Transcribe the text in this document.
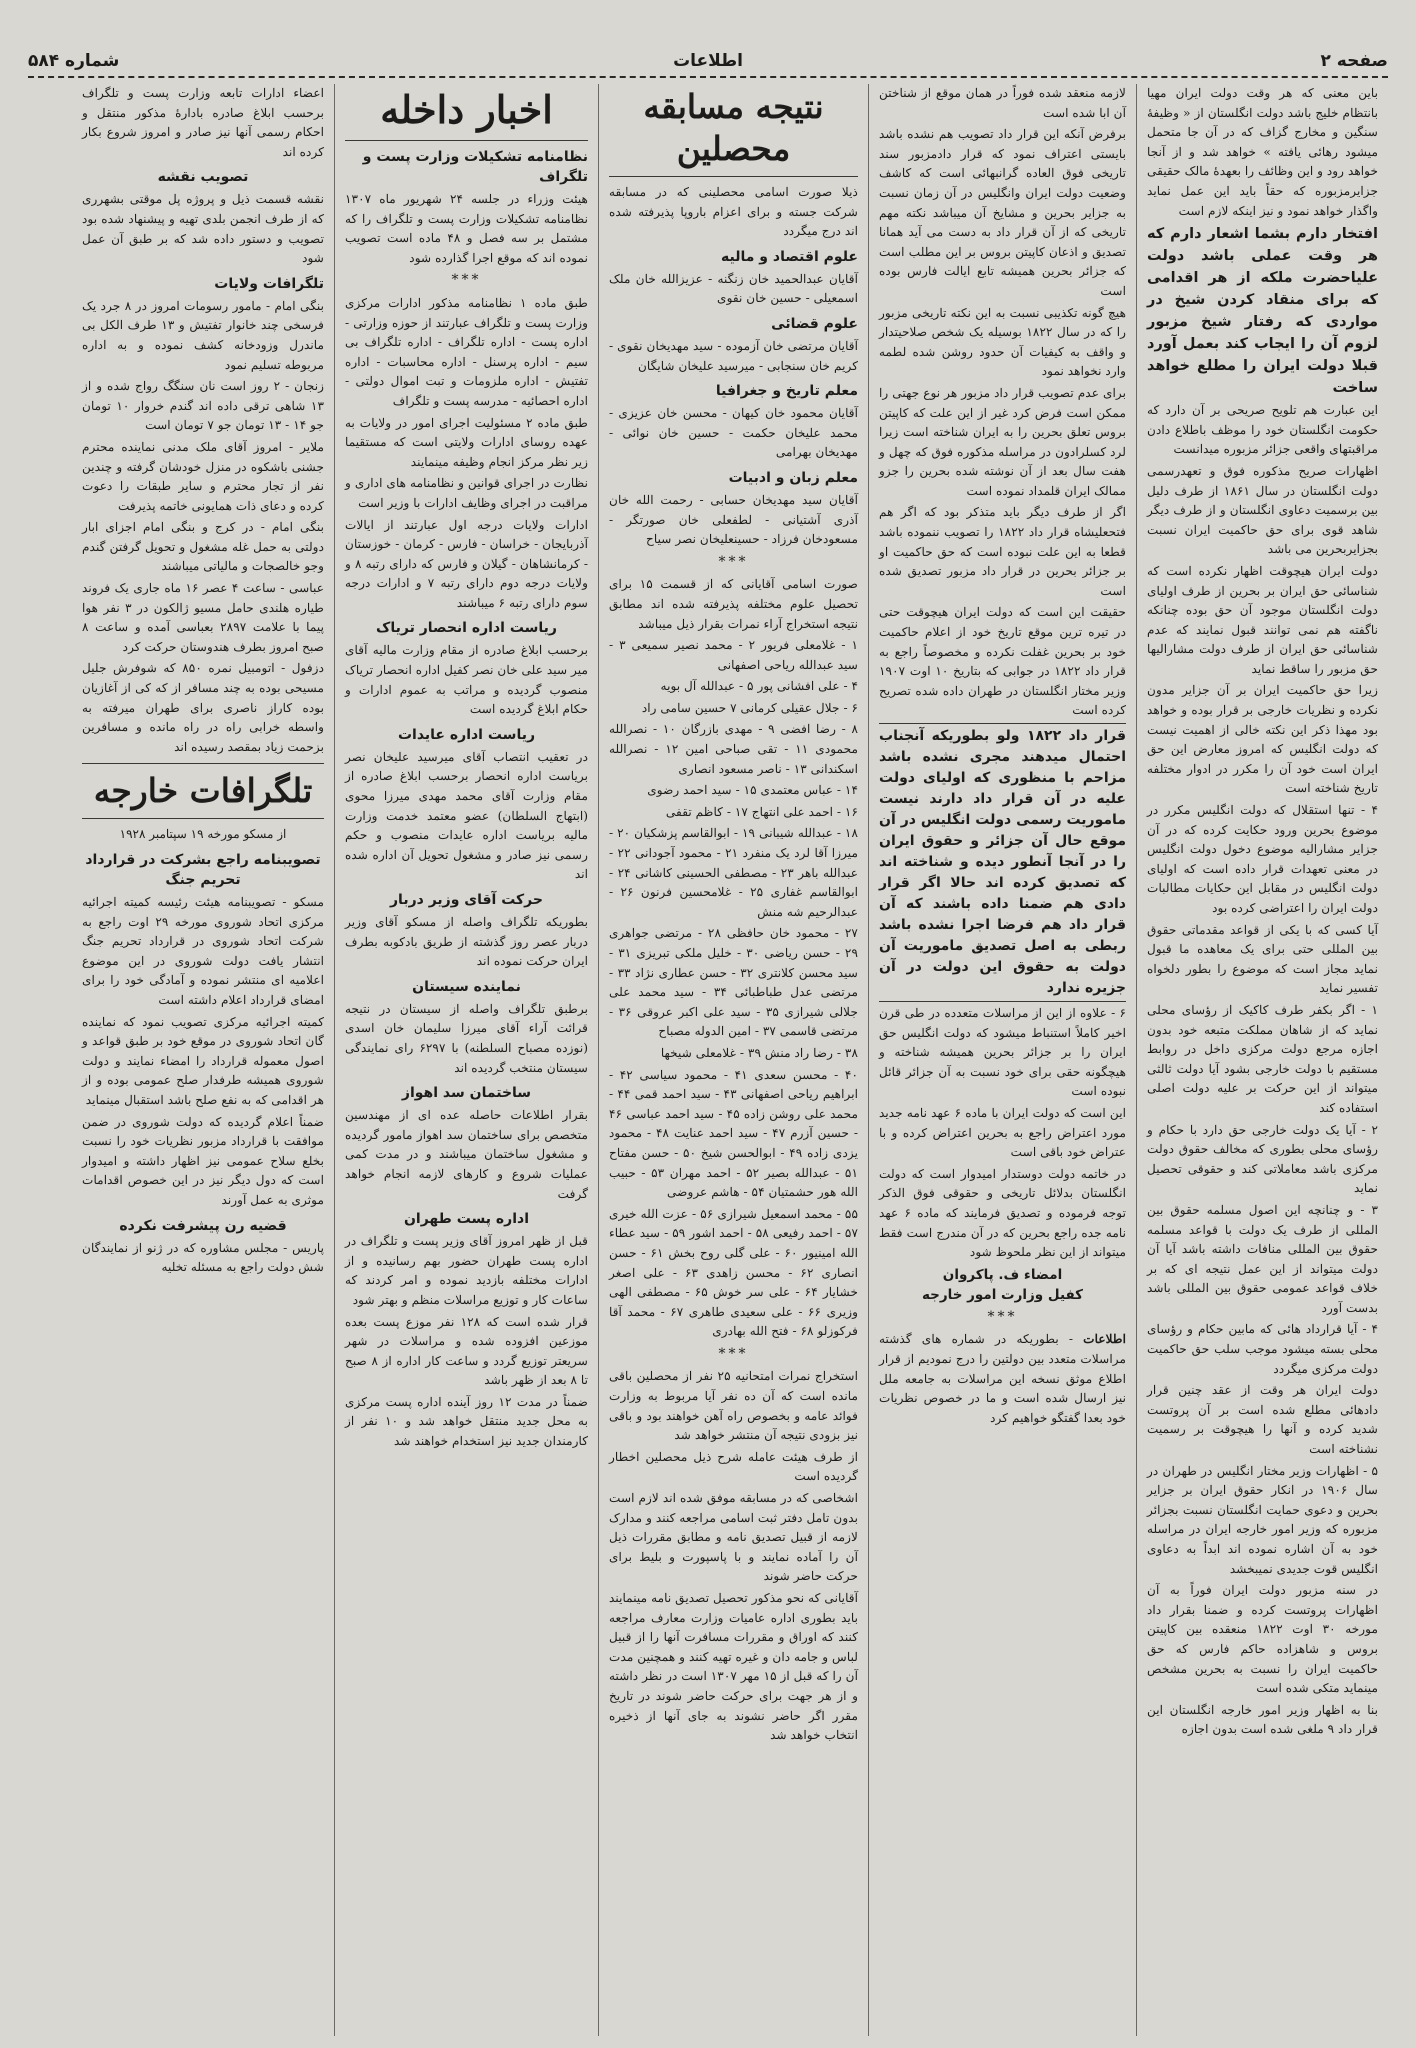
شماره ۵۸۴	اطلاعات	صفحه ۲

باین معنی که هر وقت دولت ایران مهیا بانتظام خلیج باشد دولت انگلستان از « وظیفهٔ سنگین و مخارج گزاف که در آن جا متحمل میشود رهائی یافته » خواهد شد و از آنجا خواهد رود و این وظائف را بعهدهٔ مالک حقیقی جزایرمزبوره که حقاً باید این عمل نماید واگذار خواهد نمود و نیز اینکه لازم است

افتخار دارم بشما اشعار دارم که هر وقت عملی باشد دولت علیاحضرت ملکه از هر اقدامی که برای منقاد کردن شیخ در مواردی که رفتار شیخ مزبور لزوم آن را ایجاب کند بعمل آورد قبلا دولت ایران را مطلع خواهد ساخت

این عبارت هم تلویح صریحی بر آن دارد که حکومت انگلستان خود را موظف باطلاع دادن مراقبتهای واقعی جزائر مزبوره میدانست

اظهارات صریح مذکوره فوق و تعهدرسمی دولت انگلستان در سال ۱۸۶۱ از طرف دلیل بین برسمیت دعاوی انگلستان و از طرف دیگر شاهد قوی برای حق حاکمیت ایران نسبت بجزایربحرین می باشد

دولت ایران هیچوقت اظهار نکرده است که شناسائی حق ایران بر بحرین از طرف اولیای دولت انگلستان موجود آن حق بوده چنانکه ناگفته هم نمی توانند قبول نمایند که عدم شناسائی حق ایران از طرف دولت مشارالیها حق مزبور را ساقط نماید

زیرا حق حاکمیت ایران بر آن جزایر مدون نکرده و نظریات خارجی بر قرار بوده و خواهد بود مهذا ذکر این نکته خالی از اهمیت نیست که دولت انگلیس که امروز معارض این حق ایران است خود آن را مکرر در ادوار مختلفه تاریخ شناخته است

۴ - تنها استقلال که دولت انگلیس مکرر در موضوع بحرین ورود حکایت کرده که در آن جزایر مشارالیه موضوع دخول دولت انگلیس در معنی تعهدات قرار داده است که اولیای دولت انگلیس در مقابل این حکایات مطالبات دولت ایران را اعتراضی کرده بود

آیا کسی که با یکی از قواعد مقدماتی حقوق بین المللی حتی برای یک معاهده ما قبول نماید مجاز است که موضوع را بطور دلخواه تفسیر نماید

۱ - اگر بکفر طرف کاکیک از رؤسای محلی نماید که از شاهان مملکت متبعه خود بدون اجازه مرجع دولت مرکزی داخل در روابط مستقیم با دولت خارجی بشود آیا دولت ثالثی میتواند از این حرکت بر علیه دولت اصلی استفاده کند

۲ - آیا یک دولت خارجی حق دارد با حکام و رؤسای محلی بطوری که مخالف حقوق دولت مرکزی باشد معاملاتی کند و حقوقی تحصیل نماید

۳ - و چنانچه این اصول مسلمه حقوق بین المللی از طرف یک دولت با قواعد مسلمه حقوق بین المللی منافات داشته باشد آیا آن دولت میتواند از این عمل نتیجه ای که بر خلاف قواعد عمومی حقوق بین المللی باشد بدست آورد

۴ - آیا قرارداد هائی که مابین حکام و رؤسای محلی بسته میشود موجب سلب حق حاکمیت دولت مرکزی میگردد

دولت ایران هر وقت از عقد چنین قرار دادهائی مطلع شده است بر آن پروتست شدید کرده و آنها را هیچوقت بر رسمیت نشناخته است

۵ - اظهارات وزیر مختار انگلیس در طهران در سال ۱۹۰۶ در انکار حقوق ایران بر جزایر بحرین و دعوی حمایت انگلستان نسبت بجزائر مزبوره که وزیر امور خارجه ایران در مراسله خود به آن اشاره نموده اند ابداً به دعاوی انگلیس قوت جدیدی نمیبخشد

در سنه مزبور دولت ایران فوراً به آن اظهارات پروتست کرده و ضمنا بقرار داد مورخه ۳۰ اوت ۱۸۲۲ منعقده بین کاپیتن بروس و شاهزاده حاکم فارس که حق حاکمیت ایران را نسبت به بحرین مشخص مینماید متکی شده است

بنا به اظهار وزیر امور خارجه انگلستان این قرار داد ۹ ملغی شده است بدون اجازه

لازمه منعقد شده فوراً در همان موقع از شناختن آن ابا شده است

برفرض آنکه این قرار داد تصویب هم نشده باشد بایستی اعتراف نمود که قرار دادمزبور سند تاریخی فوق العاده گرانبهائی است که کاشف وضعیت دولت ایران وانگلیس در آن زمان نسبت به جزایر بحرین و مشایخ آن میباشد نکته مهم تاریخی که از آن قرار داد به دست می آید همانا تصدیق و اذعان کاپیتن بروس بر این مطلب است که جزائر بحرین همیشه تابع ایالت فارس بوده است

هیچ گونه تکذیبی نسبت به این نکته تاریخی مزبور را که در سال ۱۸۲۲ بوسیله یک شخص صلاحیتدار و واقف به کیفیات آن حدود روشن شده لطمه وارد نخواهد نمود

برای عدم تصویب قرار داد مزبور هر نوع جهتی را ممکن است فرض کرد غیر از این علت که کاپیتن بروس تعلق بحرین را به ایران شناخته است زیرا لرد کسلرادون در مراسله مذکوره فوق که چهل و هفت سال بعد از آن نوشته شده بحرین را جزو ممالک ایران قلمداد نموده است

اگر از طرف دیگر باید متذکر بود که اگر هم فتحعلیشاه قرار داد ۱۸۲۲ را تصویب ننموده باشد قطعا به این علت نبوده است که حق حاکمیت او بر جزائر بحرین در قرار داد مزبور تصدیق شده است

حقیقت این است که دولت ایران هیچوقت حتی در تیره ترین موقع تاریخ خود از اعلام حاکمیت خود بر بحرین غفلت نکرده و مخصوصاً راجع به قرار داد ۱۸۲۲ در جوابی که بتاریخ ۱۰ اوت ۱۹۰۷ وزیر مختار انگلستان در طهران داده شده تصریح کرده است

قرار داد ۱۸۲۲ ولو بطوریکه آنجناب احتمال میدهند مجری نشده باشد مزاحم با منظوری که اولیای دولت علیه در آن قرار داد دارند نیست ماموریت رسمی دولت انگلیس در آن موقع حال آن جزائر و حقوق ایران را در آنجا آنطور دیده و شناخته اند که تصدیق کرده اند حالا اگر قرار دادی هم ضمنا داده باشند که آن قرار داد هم فرضا اجرا نشده باشد ربطی به اصل تصدیق ماموریت آن دولت به حقوق این دولت در آن جزیره ندارد

۶ - علاوه از این از مراسلات متعدده در طی قرن اخیر کاملاً استنباط میشود که دولت انگلیس حق ایران را بر جزائر بحرین همیشه شناخته و هیچگونه حقی برای خود نسبت به آن جزائر قائل نبوده است

این است که دولت ایران با ماده ۶ عهد نامه جدید مورد اعتراض راجع به بحرین اعتراض کرده و با عتراض خود باقی است

در خاتمه دولت دوستدار امیدوار است که دولت انگلستان بدلائل تاریخی و حقوقی فوق الذکر توجه فرموده و تصدیق فرمایند که ماده ۶ عهد نامه جده راجع بحرین که در آن مندرج است فقط میتواند از این نظر ملحوظ شود

امضاء ف. پاکروان
کفیل وزارت امور خارجه
***

اطلاعات - بطوریکه در شماره های گذشته مراسلات متعدد بین دولتین را درج نمودیم از قرار اطلاع موثق نسخه این مراسلات به جامعه ملل نیز ارسال شده است و ما در خصوص نظریات خود بعدا گفتگو خواهیم کرد

نتیجه مسابقه محصلین

ذیلا صورت اسامی محصلینی که در مسابقه شرکت جسته و برای اعزام باروپا پذیرفته شده اند درج میگردد

علوم اقتصاد و مالیه

آقایان عبدالحمید خان زنگنه - عزیزالله خان ملک اسمعیلی - حسین خان نقوی

علوم قضائی

آقایان مرتضی خان آزموده - سید مهدیخان نقوی - کریم خان سنجابی - میرسید علیخان شایگان

معلم تاریخ و جغرافیا

آقایان محمود خان کیهان - محسن خان عزیزی - محمد علیخان حکمت - حسین خان نوائی - مهدیخان بهرامی

معلم زبان و ادبیات

آقایان سید مهدیخان حسابی - رحمت الله خان آذری آشتیانی - لطفعلی خان صورتگر - مسعودخان فرزاد - حسینعلیخان نصر سیاح

***

صورت اسامی آقایانی که از قسمت ۱۵ برای تحصیل علوم مختلفه پذیرفته شده اند مطابق نتیجه استخراج آراء نمرات بقرار ذیل میباشد

۱ - غلامعلی فریور ۲ - محمد نصیر سمیعی ۳ - سید عبدالله ریاحی اصفهانی

۴ - علی افشانی پور ۵ - عبدالله آل بویه

۶ - جلال عقیلی کرمانی ۷ حسین سامی راد

۸ - رضا افضی ۹ - مهدی بازرگان ۱۰ - نصرالله محمودی ۱۱ - تقی صباحی امین ۱۲ - نصرالله اسکندانی ۱۳ - ناصر مسعود انصاری

۱۴ - عباس معتمدی ۱۵ - سید احمد رضوی

۱۶ - احمد علی انتهاج ۱۷ - کاظم تقفی

۱۸ - عبدالله شیبانی ۱۹ - ابوالقاسم پزشکیان ۲۰ - میرزا آقا لرد یک منفرد ۲۱ - محمود آجودانی ۲۲ - عبدالله باهر ۲۳ - مصطفی الحسینی کاشانی ۲۴ - ابوالقاسم غفاری ۲۵ - غلامحسین فرنون ۲۶ - عبدالرحیم شه منش

۲۷ - محمود خان حافظی ۲۸ - مرتضی جواهری ۲۹ - حسن ریاضی ۳۰ - خلیل ملکی تبریزی ۳۱ - سید محسن کلانتری ۳۲ - حسن عطاری نژاد ۳۳ - مرتضی عدل طباطبائی ۳۴ - سید محمد علی جلالی شیرازی ۳۵ - سید علی اکبر عروقی ۳۶ - مرتضی قاسمی ۳۷ - امین الدوله مصباح

۳۸ - رضا راد منش ۳۹ - غلامعلی شیخها

۴۰ - محسن سعدی ۴۱ - محمود سیاسی ۴۲ - ابراهیم ریاحی اصفهانی ۴۳ - سید احمد قمی ۴۴ - محمد علی روشن زاده ۴۵ - سید احمد عباسی ۴۶ - حسین آزرم ۴۷ - سید احمد عنایت ۴۸ - محمود یزدی زاده ۴۹ - ابوالحسن شیخ ۵۰ - حسن مفتاح ۵۱ - عبدالله بصیر ۵۲ - احمد مهران ۵۳ - حبیب الله هور حشمتیان ۵۴ - هاشم عروضی

۵۵ - محمد اسمعیل شیرازی ۵۶ - عزت الله خیری ۵۷ - احمد رفیعی ۵۸ - احمد اشور ۵۹ - سید عطاء الله امینیور ۶۰ - علی گلی روح بخش ۶۱ - حسن انصاری ۶۲ - محسن زاهدی ۶۳ - علی اصغر خشایار ۶۴ - علی سر خوش ۶۵ - مصطفی الهی وزیری ۶۶ - علی سعیدی طاهری ۶۷ - محمد آقا فرکوزلو ۶۸ - فتح الله بهادری

***

استخراج نمرات امتحانیه ۲۵ نفر از محصلین باقی مانده است که آن ده نفر آیا مربوط به وزارت فوائد عامه و بخصوص راه آهن خواهند بود و باقی نیز بزودی نتیجه آن منتشر خواهد شد

از طرف هیئت عامله شرح ذیل محصلین اخطار گردیده است

اشخاصی که در مسابقه موفق شده اند لازم است بدون تامل دفتر ثبت اسامی مراجعه کنند و مدارک لازمه از قبیل تصدیق نامه و مطابق مقررات ذیل آن را آماده نمایند و با پاسپورت و بلیط برای حرکت حاضر شوند

آقایانی که نحو مذکور تحصیل تصدیق نامه مینمایند باید بطوری اداره عامیات وزارت معارف مراجعه کنند که اوراق و مقررات مسافرت آنها را از قبیل لباس و جامه دان و غیره تهیه کنند و همچنین مدت آن را که قبل از ۱۵ مهر ۱۳۰۷ است در نظر داشته و از هر جهت برای حرکت حاضر شوند در تاریخ مقرر اگر حاضر نشوند به جای آنها از ذخیره انتخاب خواهد شد

اخبار داخله
نظامنامه تشکیلات وزارت پست و تلگراف

هیئت وزراء در جلسه ۲۴ شهریور ماه ۱۳۰۷ نظامنامه تشکیلات وزارت پست و تلگراف را که مشتمل بر سه فصل و ۴۸ ماده است تصویب نموده اند که موقع اجرا گذارده شود

***

طبق ماده ۱ نظامنامه مذکور ادارات مرکزی وزارت پست و تلگراف عبارتند از حوزه وزارتی - اداره پست - اداره تلگراف - اداره تلگراف بی سیم - اداره پرسنل - اداره محاسبات - اداره تفتیش - اداره ملزومات و تبت اموال دولتی - اداره احصائیه - مدرسه پست و تلگراف

طبق ماده ۲ مسئولیت اجرای امور در ولایات به عهده روسای ادارات ولایتی است که مستقیما زیر نظر مرکز انجام وظیفه مینمایند

نظارت در اجرای قوانین و نظامنامه های اداری و مراقبت در اجرای وظایف ادارات با وزیر است

ادارات ولایات درجه اول عبارتند از ایالات آذربایجان - خراسان - فارس - کرمان - خوزستان - کرمانشاهان - گیلان و فارس که دارای رتبه ۸ و ولایات درجه دوم دارای رتبه ۷ و ادارات درجه سوم دارای رتبه ۶ میباشند

ریاست اداره انحصار تریاک

برحسب ابلاغ صادره از مقام وزارت مالیه آقای میر سید علی خان نصر کفیل اداره انحصار تریاک منصوب گردیده و مراتب به عموم ادارات و حکام ابلاغ گردیده است

ریاست اداره عایدات

در تعقیب انتصاب آقای میرسید علیخان نصر بریاست اداره انحصار برحسب ابلاغ صادره از مقام وزارت آقای محمد مهدی میرزا محوی (ابتهاج السلطان) عضو معتمد خدمت وزارت مالیه بریاست اداره عایدات منصوب و حکم رسمی نیز صادر و مشغول تحویل آن اداره شده اند

حرکت آقای وزیر دربار

بطوریکه تلگراف واصله از مسکو آقای وزیر دربار عصر روز گذشته از طریق بادکوبه بطرف ایران حرکت نموده اند

نماینده سیستان

برطبق تلگراف واصله از سیستان در نتیجه قرائت آراء آقای میرزا سلیمان خان اسدی (نوزده مصباح السلطنه) با ۶۲۹۷ رای نمایندگی سیستان منتخب گردیده اند

ساختمان سد اهواز

بقرار اطلاعات حاصله عده ای از مهندسین متخصص برای ساختمان سد اهواز مامور گردیده و مشغول ساختمان میباشند و در مدت کمی عملیات شروع و کارهای لازمه انجام خواهد گرفت

اداره پست طهران

قبل از ظهر امروز آقای وزیر پست و تلگراف در اداره پست طهران حضور بهم رسانیده و از ادارات مختلفه بازدید نموده و امر کردند که ساعات کار و توزیع مراسلات منظم و بهتر شود

قرار شده است که ۱۲۸ نفر موزع پست بعده موزعین افزوده شده و مراسلات در شهر سریعتر توزیع گردد و ساعت کار اداره از ۸ صبح تا ۸ بعد از ظهر باشد

ضمناً در مدت ۱۲ روز آینده اداره پست مرکزی به محل جدید منتقل خواهد شد و ۱۰ نفر از کارمندان جدید نیز استخدام خواهند شد

اعضاء ادارات تابعه وزارت پست و تلگراف برحسب ابلاغ صادره بادارهٔ مذکور منتقل و احکام رسمی آنها نیز صادر و امروز شروع بکار کرده اند

تصویب نقشه

نقشه قسمت ذیل و پروژه پل موقتی بشهرری که از طرف انجمن بلدی تهیه و پیشنهاد شده بود تصویب و دستور داده شد که بر طبق آن عمل شود

تلگرافات ولایات

بنگی امام - مامور رسومات امروز در ۸ جرد یک فرسخی چند خانوار تفتیش و ۱۳ طرف الکل بی ماندرل وزودخانه کشف نموده و به اداره مربوطه تسلیم نمود

زنجان - ۲ روز است نان سنگگ رواج شده و از ۱۳ شاهی ترقی داده اند گندم خروار ۱۰ تومان جو ۱۴ - ۱۳ تومان جو ۷ تومان است

ملایر - امروز آقای ملک مدنی نماینده محترم جشنی باشکوه در منزل خودشان گرفته و چندین نفر از تجار محترم و سایر طبقات را دعوت کرده و دعای ذات همایونی خاتمه پذیرفت

بنگی امام - در کرج و بنگی امام اجزای ابار دولتی به حمل غله مشغول و تحویل گرفتن گندم وجو خالصجات و مالیاتی میباشند

عباسی - ساعت ۴ عصر ۱۶ ماه جاری یک فروند طیاره هلندی حامل مسیو ژالکون در ۳ نفر هوا پیما با علامت ۲۸۹۷ بعباسی آمده و ساعت ۸ صبح امروز بطرف هندوستان حرکت کرد

دزفول - اتومبیل نمره ۸۵۰ که شوفرش جلیل مسیحی بوده به چند مسافر از که کی از آغازیان بوده کاراز ناصری برای طهران میرفته به واسطه خرابی راه در راه مانده و مسافرین بزحمت زیاد بمقصد رسیده اند

تلگرافات خارجه
از مسکو مورخه ۱۹ سپتامبر ۱۹۲۸
تصویبنامه راجع بشرکت در قرارداد تحریم جنگ

مسکو - تصویبنامه هیئت رئیسه کمیته اجرائیه مرکزی اتحاد شوروی مورخه ۲۹ اوت راجع به شرکت اتحاد شوروی در قرارداد تحریم جنگ انتشار یافت دولت شوروی در این موضوع اعلامیه ای منتشر نموده و آمادگی خود را برای امضای قرارداد اعلام داشته است

کمیته اجرائیه مرکزی تصویب نمود که نماینده گان اتحاد شوروی در موقع خود بر طبق قواعد و اصول معموله قرارداد را امضاء نمایند و دولت شوروی همیشه طرفدار صلح عمومی بوده و از هر اقدامی که به نفع صلح باشد استقبال مینماید

ضمناً اعلام گردیده که دولت شوروی در ضمن موافقت با قرارداد مزبور نظریات خود را نسبت بخلع سلاح عمومی نیز اظهار داشته و امیدوار است که دول دیگر نیز در این خصوص اقدامات موثری به عمل آورند

قضیه رن پیشرفت نکرده

پاریس - مجلس مشاوره که در ژنو از نمایندگان شش دولت راجع به مسئله تخلیه
